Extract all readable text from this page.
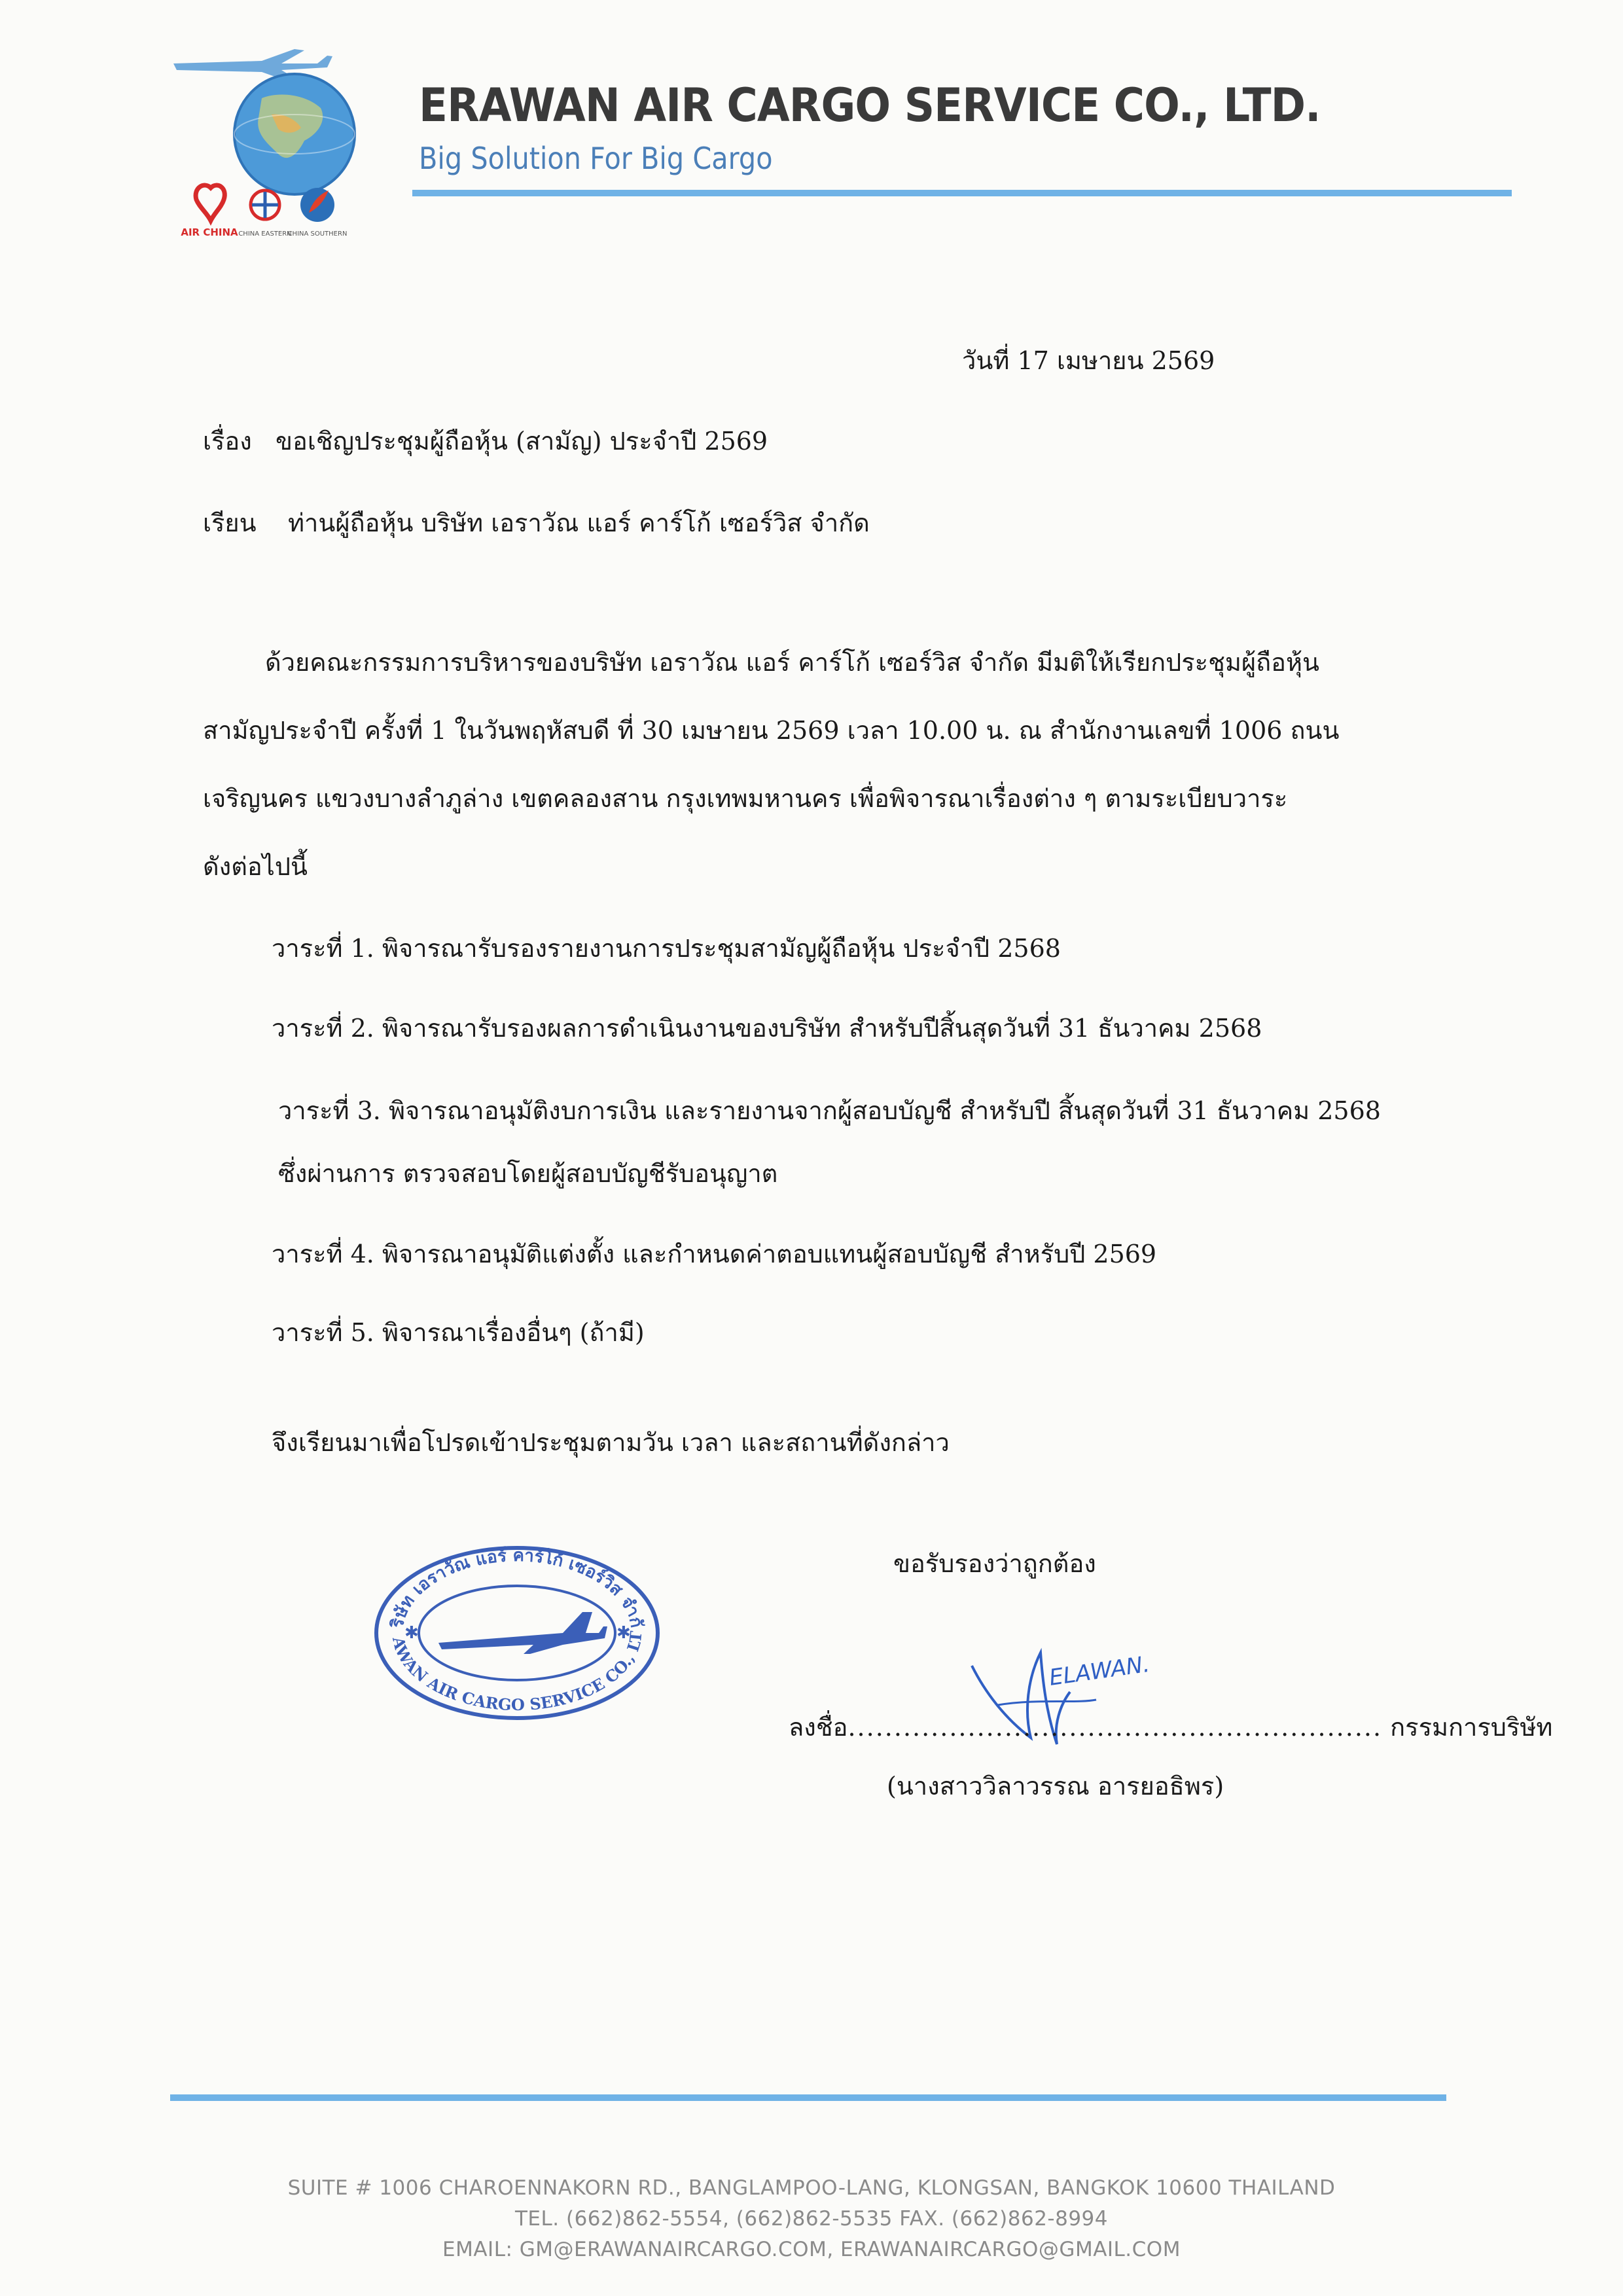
AIR CHINA CHINA EASTERN
CHINA SOUTHERN
ERAWAN AIR CARGO SERVICE CO., LTD.
Big Solution For Big Cargo
วันที่ 17 เมษายน 2569
เรื่อง ขอเชิญประชุมผู้ถือหุ้น (สามัญ) ประจำปี 2569
เรียน ท่านผู้ถือหุ้น บริษัท เอราวัณ แอร์ คาร์โก้ เซอร์วิส จำกัด
ด้วยคณะกรรมการบริหารของบริษัท เอราวัณ แอร์ คาร์โก้ เซอร์วิส จำกัด มีมติให้เรียกประชุมผู้ถือหุ้น
สามัญประจำปี ครั้งที่ 1 ในวันพฤหัสบดี ที่ 30 เมษายน 2569 เวลา 10.00 น. ณ สำนักงานเลขที่ 1006 ถนน
เจริญนคร แขวงบางลำภูล่าง เขตคลองสาน กรุงเทพมหานคร เพื่อพิจารณาเรื่องต่าง ๆ ตามระเบียบวาระ
ดังต่อไปนี้
วาระที่ 1. พิจารณารับรองรายงานการประชุมสามัญผู้ถือหุ้น ประจำปี 2568
วาระที่ 2. พิจารณารับรองผลการดำเนินงานของบริษัท สำหรับปีสิ้นสุดวันที่ 31 ธันวาคม 2568
วาระที่ 3. พิจารณาอนุมัติงบการเงิน และรายงานจากผู้สอบบัญชี สำหรับปี สิ้นสุดวันที่ 31 ธันวาคม 2568
ซึ่งผ่านการ ตรวจสอบโดยผู้สอบบัญชีรับอนุญาต
วาระที่ 4. พิจารณาอนุมัติแต่งตั้ง และกำหนดค่าตอบแทนผู้สอบบัญชี สำหรับปี 2569
วาระที่ 5. พิจารณาเรื่องอื่นๆ (ถ้ามี)
จึงเรียนมาเพื่อโปรดเข้าประชุมตามวัน เวลา และสถานที่ดังกล่าว
ริษัท เอราวัณ แอร์ คาร์โก้ เซอร์วิส จำกั
AWAN AIR CARGO SERVICE CO., LT
✱	✱
ขอรับรองว่าถูกต้อง
ELAWAN.
ลงชื่อ.......................................................... กรรมการบริษัท
(นางสาววิลาวรรณ อารยอธิพร)
SUITE # 1006 CHAROENNAKORN RD., BANGLAMPOO-LANG, KLONGSAN, BANGKOK 10600 THAILAND
TEL. (662)862-5554, (662)862-5535 FAX. (662)862-8994
EMAIL: GM@ERAWANAIRCARGO.COM, ERAWANAIRCARGO@GMAIL.COM
